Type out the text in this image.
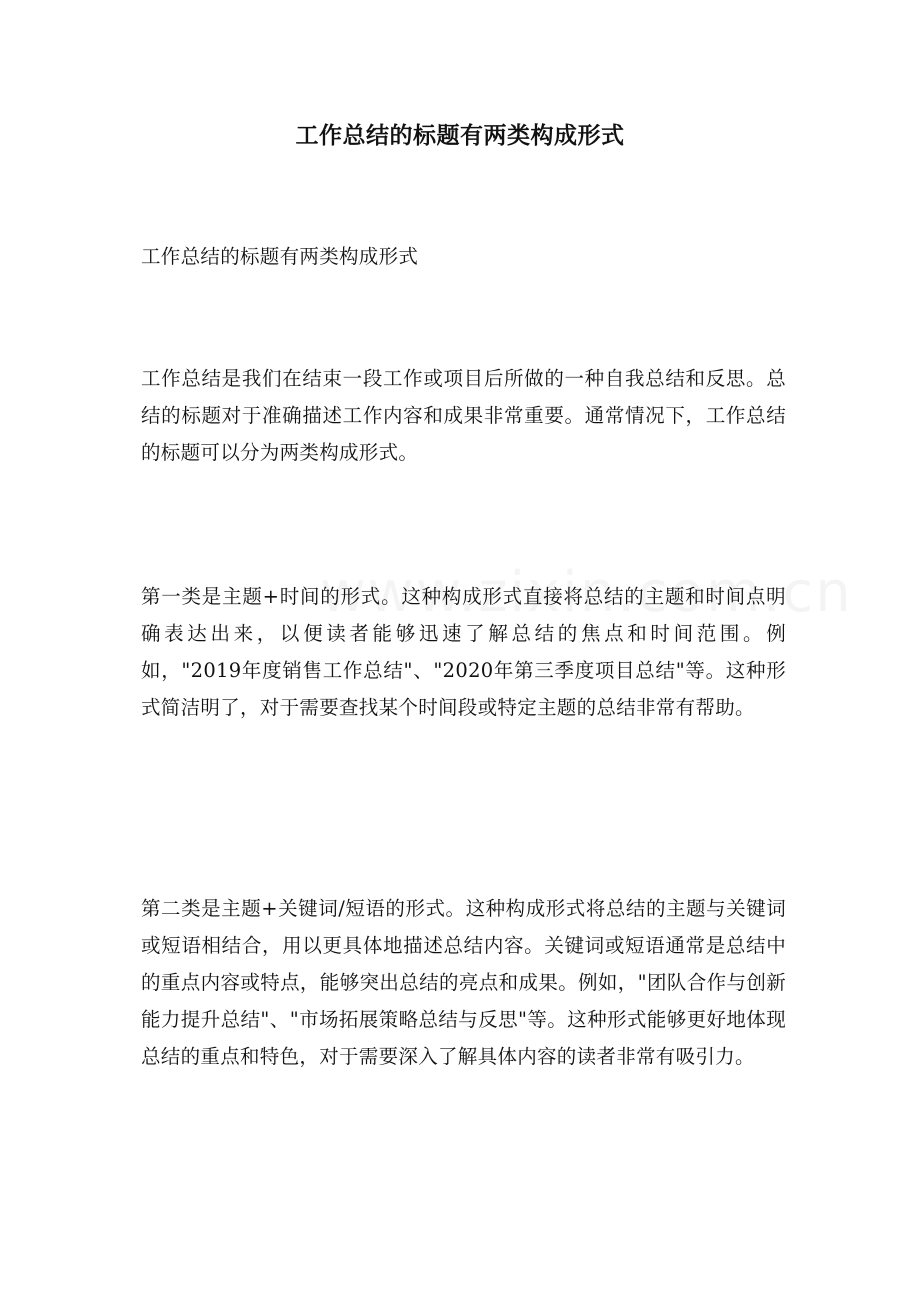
工作总结的标题有两类构成形式
工作总结的标题有两类构成形式
工作总结是我们在结束一段工作或项目后所做的一种自我总结和反思。总结的标题对于准确描述工作内容和成果非常重要。通常情况下，工作总结的标题可以分为两类构成形式。
第一类是主题+时间的形式。这种构成形式直接将总结的主题和时间点明确表达出来，以便读者能够迅速了解总结的焦点和时间范围。例如，"2019年度销售工作总结"、"2020年第三季度项目总结"等。这种形式简洁明了，对于需要查找某个时间段或特定主题的总结非常有帮助。
第二类是主题+关键词/短语的形式。这种构成形式将总结的主题与关键词或短语相结合，用以更具体地描述总结内容。关键词或短语通常是总结中的重点内容或特点，能够突出总结的亮点和成果。例如，"团队合作与创新能力提升总结"、"市场拓展策略总结与反思"等。这种形式能够更好地体现总结的重点和特色，对于需要深入了解具体内容的读者非常有吸引力。
